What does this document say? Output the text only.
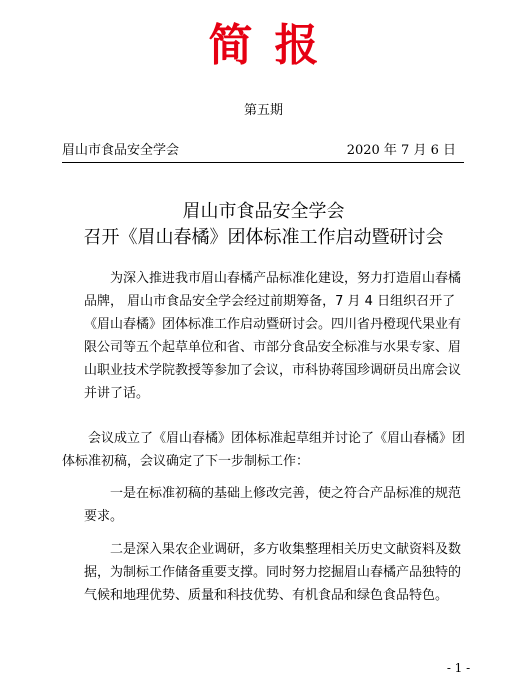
简报
第五期
眉山市食品安全学会	2020 年 7 月 6 日
眉山市食品安全学会
召开《眉山春橘》团体标准工作启动暨研讨会

为深入推进我市眉山春橘产品标准化建设，努力打造眉山春橘品牌， 眉山市食品安全学会经过前期筹备，7 月 4 日组织召开了《眉山春橘》团体标准工作启动暨研讨会。四川省丹橙现代果业有限公司等五个起草单位和省、市部分食品安全标准与水果专家、眉山职业技术学院教授等参加了会议，市科协蒋国珍调研员出席会议并讲了话。

会议成立了《眉山春橘》团体标准起草组并讨论了《眉山春橘》团体标准初稿，会议确定了下一步制标工作：

一是在标准初稿的基础上修改完善，使之符合产品标准的规范要求。

二是深入果农企业调研，多方收集整理相关历史文献资料及数据，为制标工作储备重要支撑。同时努力挖掘眉山春橘产品独特的气候和地理优势、质量和科技优势、有机食品和绿色食品特色。

- 1 -
